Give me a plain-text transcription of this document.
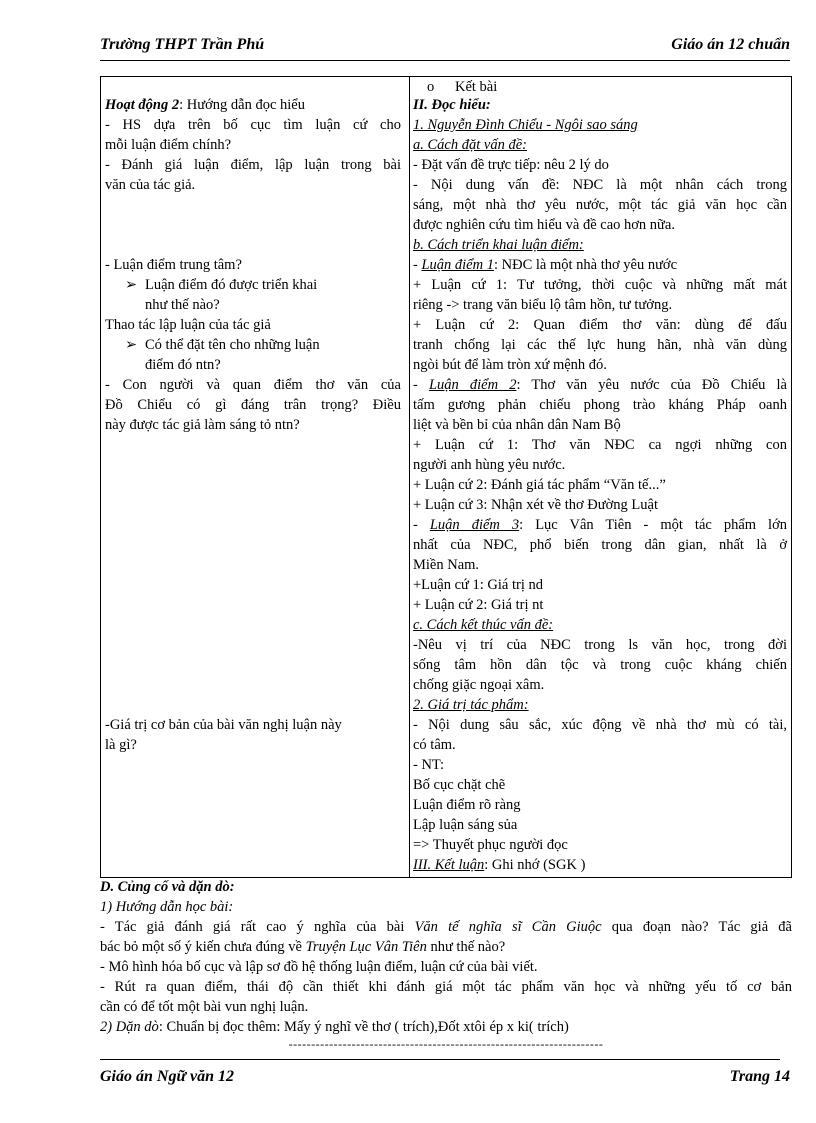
Trường THPT Trần Phú	Giáo án 12 chuẩn
Hoạt động 2: Hướng dẫn đọc hiểu
- HS dựa trên bố cục tìm luận cứ cho
mỗi luận điểm chính?
- Đánh giá luận điểm, lập luận trong bài
văn của tác giả.
- Luận điểm trung tâm?
➢ Luận điểm đó được triển khai
như thế nào?
Thao tác lập luận của tác giả
➢ Có thể đặt tên cho những luận
điểm đó ntn?
- Con người và quan điểm thơ văn của
Đồ Chiểu có gì đáng trân trọng? Điều
này được tác giả làm sáng tỏ ntn?
-Giá trị cơ bản của bài văn nghị luận này
là gì?
o Kết bài
II. Đọc hiểu:
1. Nguyễn Đình Chiểu - Ngôi sao sáng
a. Cách đặt vấn đề:
- Đặt vấn đề trực tiếp: nêu 2 lý do
- Nội dung vấn đề: NĐC là một nhân cách trong
sáng, một nhà thơ yêu nước, một tác giả văn học cần
được nghiên cứu tìm hiểu và đề cao hơn nữa.
b. Cách triển khai luận điểm:
- Luận điểm 1: NĐC là một nhà thơ yêu nước
+ Luận cứ 1: Tư tưởng, thời cuộc và những mất mát
riêng -> trang văn biểu lộ tâm hồn, tư tưởng.
+ Luận cứ 2: Quan điểm thơ văn: dùng để đấu
tranh chống lại các thế lực hung hãn, nhà văn dùng
ngòi bút để làm tròn xứ mệnh đó.
- Luận điểm 2: Thơ văn yêu nước của Đồ Chiểu là
tấm gương phản chiếu phong trào kháng Pháp oanh
liệt và bền bỉ của nhân dân Nam Bộ
+ Luận cứ 1: Thơ văn NĐC ca ngợi những con
người anh hùng yêu nước.
+ Luận cứ 2: Đánh giá tác phẩm “Văn tế...”
+ Luận cứ 3: Nhận xét về thơ Đường Luật
- Luận điểm 3: Lục Vân Tiên - một tác phẩm lớn
nhất của NĐC, phổ biến trong dân gian, nhất là ở
Miền Nam.
+Luận cứ 1: Giá trị nd
+ Luận cứ 2: Giá trị nt
c. Cách kết thúc vấn đề:
-Nêu vị trí của NĐC trong ls văn học, trong đời
sống tâm hồn dân tộc và trong cuộc kháng chiến
chống giặc ngoại xâm.
2. Giá trị tác phẩm:
- Nội dung sâu sắc, xúc động về nhà thơ mù có tài,
có tâm.
- NT:
Bố cục chặt chẽ
Luận điểm rõ ràng
Lập luận sáng sủa
=> Thuyết phục người đọc
III. Kết luận: Ghi nhớ (SGK )
D. Củng cố và dặn dò:
1) Hướng dẫn học bài:
- Tác giả đánh giá rất cao ý nghĩa của bài Văn tế nghĩa sĩ Cần Giuộc qua đoạn nào? Tác giả đã
bác bỏ một số ý kiến chưa đúng về Truyện Lục Vân Tiên như thế nào?
- Mô hình hóa bố cục và lập sơ đồ hệ thống luận điểm, luận cứ của bài viết.
- Rút ra quan điểm, thái độ cần thiết khi đánh giá một tác phẩm văn học và những yếu tố cơ bản
cần có để tốt một bài vun nghị luận.
2) Dặn dò: Chuẩn bị đọc thêm: Mấy ý nghĩ về thơ ( trích),Đốt xtôi ép x ki( trích)
----------------------------------------------------------------------
Giáo án Ngữ văn 12	Trang 14
